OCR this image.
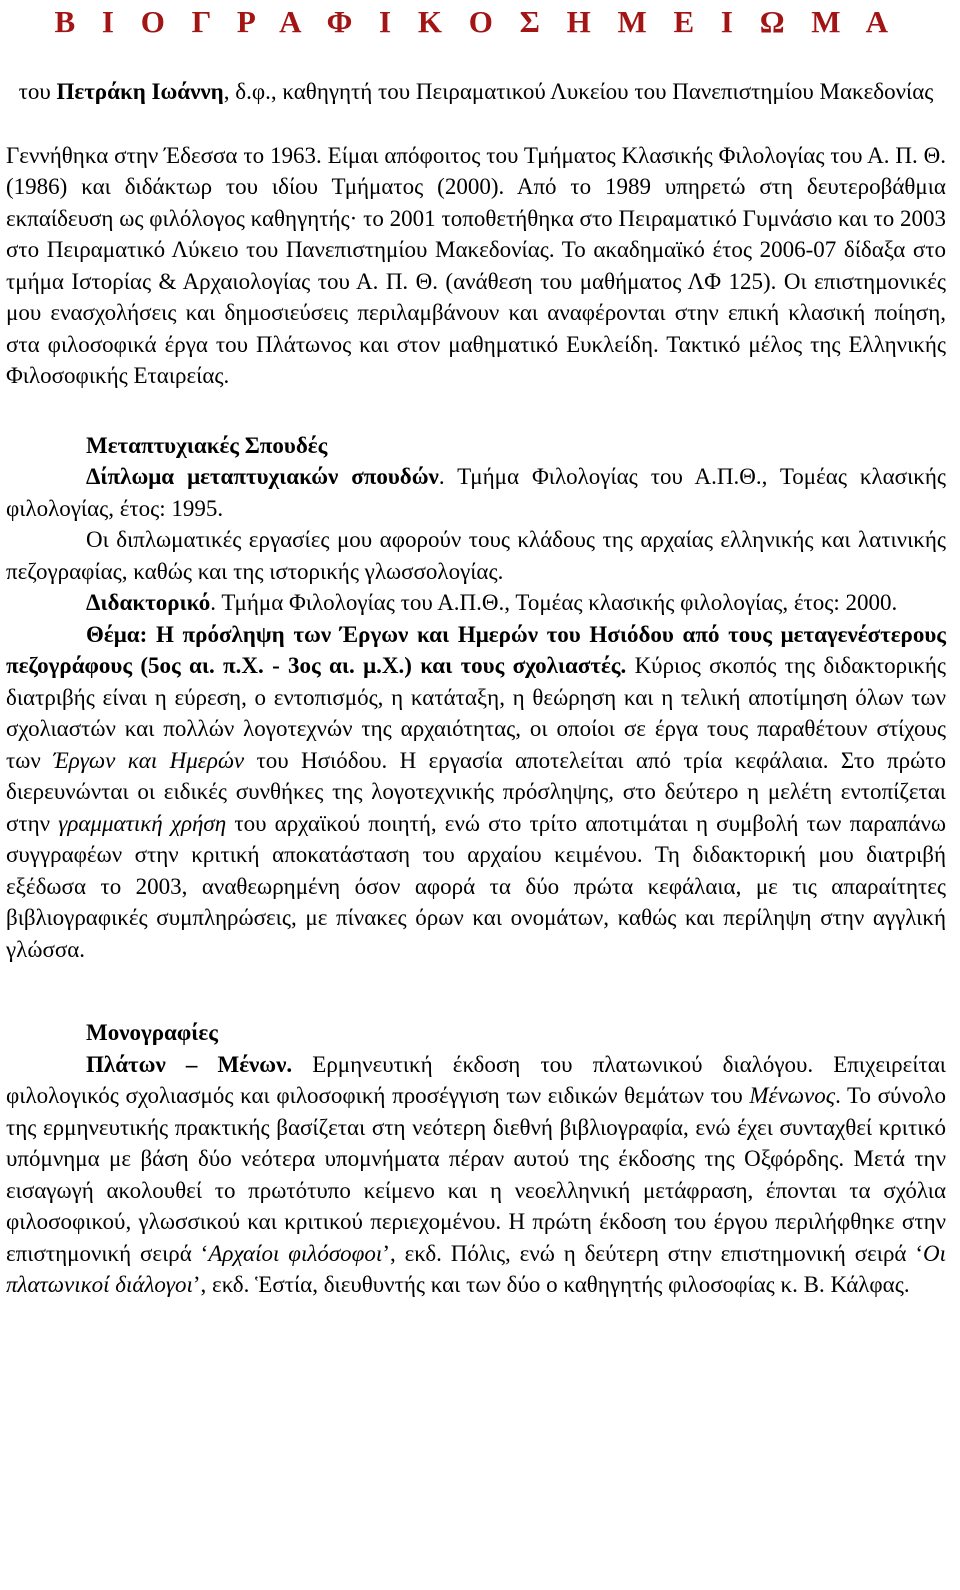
Β Ι Ο Γ Ρ Α Φ Ι Κ Ο Σ Η Μ Ε Ι Ω Μ Α

του Πετράκη Ιωάννη, δ.φ., καθηγητή του Πειραματικού Λυκείου του Πανεπιστημίου Μακεδονίας

Γεννήθηκα στην Έδεσσα το 1963. Είμαι απόφοιτος του Τμήματος Κλασικής Φιλολογίας του Α. Π. Θ. (1986) και διδάκτωρ του ιδίου Τμήματος (2000). Από το 1989 υπηρετώ στη δευτεροβάθμια εκπαίδευση ως φιλόλογος καθηγητής· το 2001 τοποθετήθηκα στο Πειραματικό Γυμνάσιο και το 2003 στο Πειραματικό Λύκειο του Πανεπιστημίου Μακεδονίας. Το ακαδημαϊκό έτος 2006-07 δίδαξα στο τμήμα Ιστορίας & Αρχαιολογίας του Α. Π. Θ. (ανάθεση του μαθήματος ΛΦ 125). Οι επιστημονικές μου ενασχολήσεις και δημοσιεύσεις περιλαμβάνουν και αναφέρονται στην επική κλασική ποίηση, στα φιλοσοφικά έργα του Πλάτωνος και στον μαθηματικό Ευκλείδη. Τακτικό μέλος της Ελληνικής Φιλοσοφικής Εταιρείας.

Μεταπτυχιακές Σπουδές

Δίπλωμα μεταπτυχιακών σπουδών. Τμήμα Φιλολογίας του Α.Π.Θ., Τομέας κλασικής φιλολογίας, έτος: 1995.

Οι διπλωματικές εργασίες μου αφορούν τους κλάδους της αρχαίας ελληνικής και λατινικής πεζογραφίας, καθώς και της ιστορικής γλωσσολογίας.

Διδακτορικό. Τμήμα Φιλολογίας του Α.Π.Θ., Τομέας κλασικής φιλολογίας, έτος: 2000.

Θέμα: Η πρόσληψη των Έργων και Ημερών του Ησιόδου από τους μεταγενέστερους πεζογράφους (5ος αι. π.Χ. - 3ος αι. μ.Χ.) και τους σχολιαστές. Κύριος σκοπός της διδακτορικής διατριβής είναι η εύρεση, ο εντοπισμός, η κατάταξη, η θεώρηση και η τελική αποτίμηση όλων των σχολιαστών και πολλών λογοτεχνών της αρχαιότητας, οι οποίοι σε έργα τους παραθέτουν στίχους των Έργων και Ημερών του Ησιόδου. Η εργασία αποτελείται από τρία κεφάλαια. Στο πρώτο διερευνώνται οι ειδικές συνθήκες της λογοτεχνικής πρόσληψης, στο δεύτερο η μελέτη εντοπίζεται στην γραμματική χρήση του αρχαϊκού ποιητή, ενώ στο τρίτο αποτιμάται η συμβολή των παραπάνω συγγραφέων στην κριτική αποκατάσταση του αρχαίου κειμένου. Τη διδακτορική μου διατριβή εξέδωσα το 2003, αναθεωρημένη όσον αφορά τα δύο πρώτα κεφάλαια, με τις απαραίτητες βιβλιογραφικές συμπληρώσεις, με πίνακες όρων και ονομάτων, καθώς και περίληψη στην αγγλική γλώσσα.

Μονογραφίες

Πλάτων – Μένων. Ερμηνευτική έκδοση του πλατωνικού διαλόγου. Επιχειρείται φιλολογικός σχολιασμός και φιλοσοφική προσέγγιση των ειδικών θεμάτων του Μένωνος. Το σύνολο της ερμηνευτικής πρακτικής βασίζεται στη νεότερη διεθνή βιβλιογραφία, ενώ έχει συνταχθεί κριτικό υπόμνημα με βάση δύο νεότερα υπομνήματα πέραν αυτού της έκδοσης της Οξφόρδης. Μετά την εισαγωγή ακολουθεί το πρωτότυπο κείμενο και η νεοελληνική μετάφραση, έπονται τα σχόλια φιλοσοφικού, γλωσσικού και κριτικού περιεχομένου. Η πρώτη έκδοση του έργου περιλήφθηκε στην επιστημονική σειρά ‘Αρχαίοι φιλόσοφοι’, εκδ. Πόλις, ενώ η δεύτερη στην επιστημονική σειρά ‘Οι πλατωνικοί διάλογοι’, εκδ. Ἑστία, διευθυντής και των δύο ο καθηγητής φιλοσοφίας κ. Β. Κάλφας.
